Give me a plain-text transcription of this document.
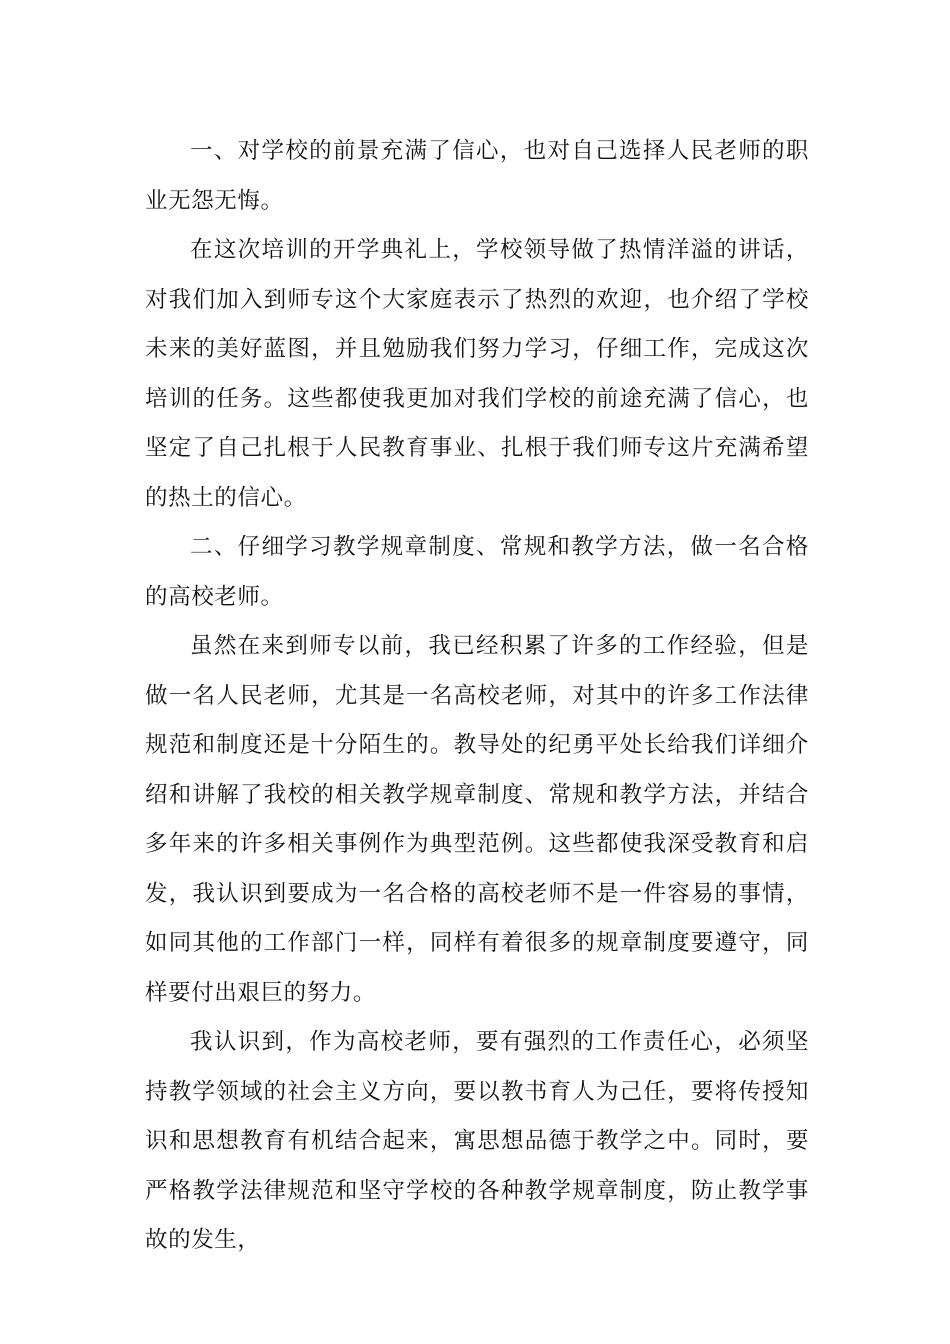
一、对学校的前景充满了信心，也对自己选择人民老师的职业无怨无悔。

在这次培训的开学典礼上，学校领导做了热情洋溢的讲话，对我们加入到师专这个大家庭表示了热烈的欢迎，也介绍了学校未来的美好蓝图，并且勉励我们努力学习，仔细工作，完成这次培训的任务。这些都使我更加对我们学校的前途充满了信心，也坚定了自己扎根于人民教育事业、扎根于我们师专这片充满希望的热土的信心。

二、仔细学习教学规章制度、常规和教学方法，做一名合格的高校老师。

虽然在来到师专以前，我已经积累了许多的工作经验，但是做一名人民老师，尤其是一名高校老师，对其中的许多工作法律规范和制度还是十分陌生的。教导处的纪勇平处长给我们详细介绍和讲解了我校的相关教学规章制度、常规和教学方法，并结合多年来的许多相关事例作为典型范例。这些都使我深受教育和启发，我认识到要成为一名合格的高校老师不是一件容易的事情，如同其他的工作部门一样，同样有着很多的规章制度要遵守，同样要付出艰巨的努力。

我认识到，作为高校老师，要有强烈的工作责任心，必须坚持教学领域的社会主义方向，要以教书育人为己任，要将传授知识和思想教育有机结合起来，寓思想品德于教学之中。同时，要严格教学法律规范和坚守学校的各种教学规章制度，防止教学事故的发生，
